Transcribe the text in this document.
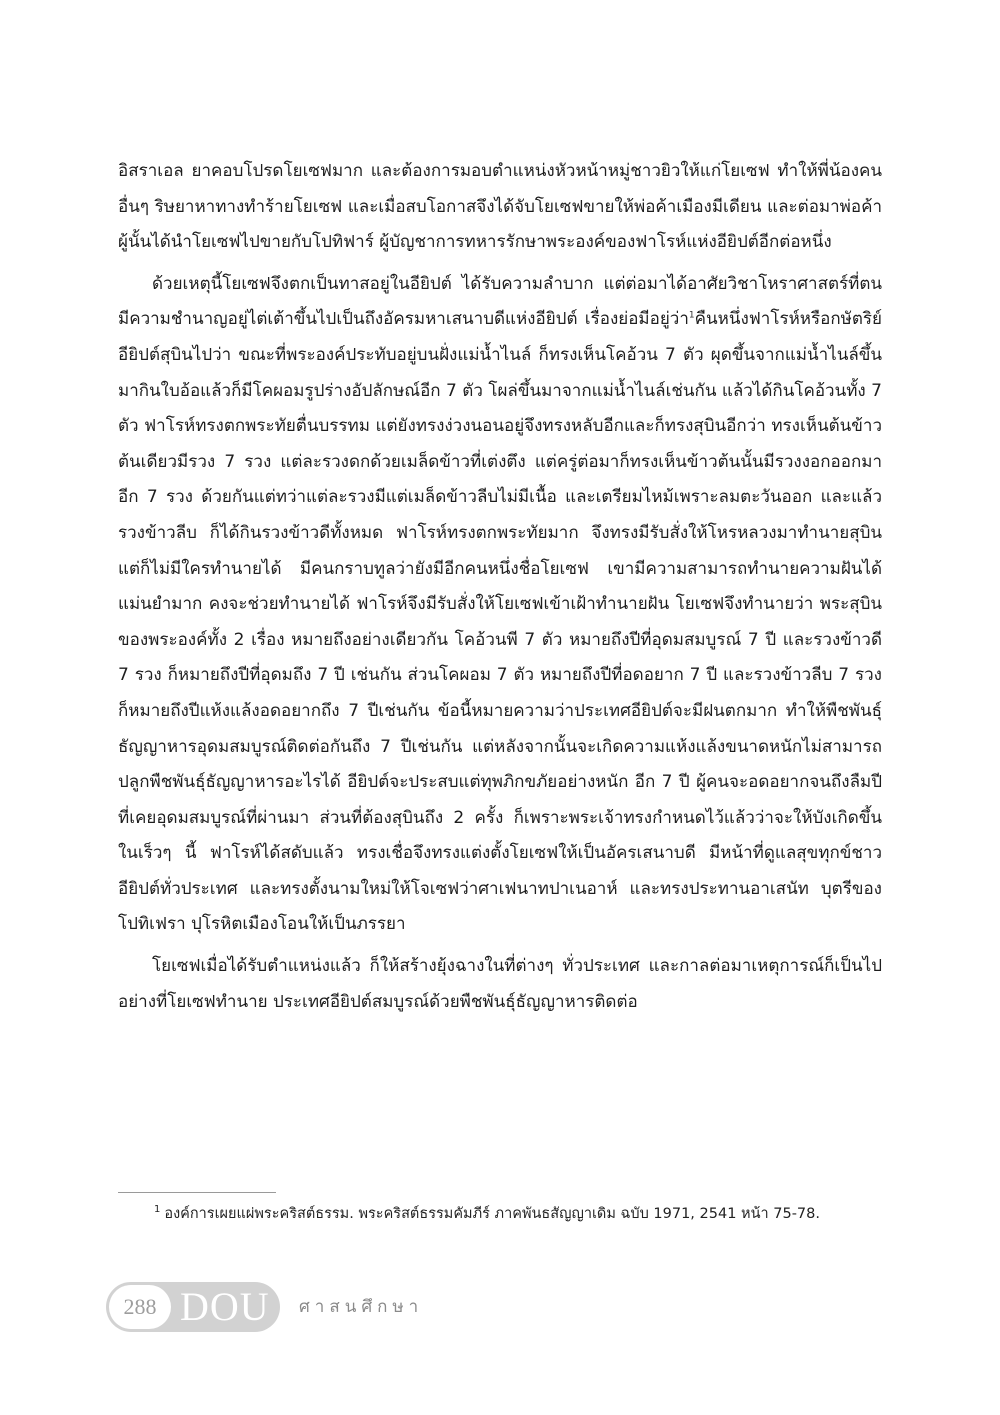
อิสราเอล ยาคอบโปรดโยเซฟมาก และต้องการมอบตำแหน่งหัวหน้าหมู่ชาวยิวให้แก่โยเซฟ ทำให้พี่น้องคนอื่นๆ ริษยาหาทางทำร้ายโยเซฟ และเมื่อสบโอกาสจึงได้จับโยเซฟขายให้พ่อค้าเมืองมีเดียน และต่อมาพ่อค้าผู้นั้นได้นำโยเซฟไปขายกับโปทิฟาร์ ผู้บัญชาการทหารรักษาพระองค์ของฟาโรห์แห่งอียิปต์อีกต่อหนึ่ง

ด้วยเหตุนี้โยเซฟจึงตกเป็นทาสอยู่ในอียิปต์ ได้รับความลำบาก แต่ต่อมาได้อาศัยวิชาโหราศาสตร์ที่ตนมีความชำนาญอยู่ไต่เต้าขึ้นไปเป็นถึงอัครมหาเสนาบดีแห่งอียิปต์ เรื่องย่อมีอยู่ว่า$^1$คืนหนึ่งฟาโรห์หรือกษัตริย์อียิปต์สุบินไปว่า ขณะที่พระองค์ประทับอยู่บนฝั่งแม่น้ำไนล์ ก็ทรงเห็นโคอ้วน 7 ตัว ผุดขึ้นจากแม่น้ำไนล์ขึ้นมากินใบอ้อแล้วก็มีโคผอมรูปร่างอัปลักษณ์อีก 7 ตัว โผล่ขึ้นมาจากแม่น้ำไนล์เช่นกัน แล้วได้กินโคอ้วนทั้ง 7 ตัว ฟาโรห์ทรงตกพระทัยตื่นบรรทม แต่ยังทรงง่วงนอนอยู่จึงทรงหลับอีกและก็ทรงสุบินอีกว่า ทรงเห็นต้นข้าวต้นเดียวมีรวง 7 รวง แต่ละรวงดกด้วยเมล็ดข้าวที่เต่งตึง แต่ครู่ต่อมาก็ทรงเห็นข้าวต้นนั้นมีรวงงอกออกมาอีก 7 รวง ด้วยกันแต่ทว่าแต่ละรวงมีแต่เมล็ดข้าวลีบไม่มีเนื้อ และเตรียมไหม้เพราะลมตะวันออก และแล้วรวงข้าวลีบ ก็ได้กินรวงข้าวดีทั้งหมด ฟาโรห์ทรงตกพระทัยมาก จึงทรงมีรับสั่งให้โหรหลวงมาทำนายสุบิน แต่ก็ไม่มีใครทำนายได้ มีคนกราบทูลว่ายังมีอีกคนหนึ่งชื่อโยเซฟ เขามีความสามารถทำนายความฝันได้แม่นยำมาก คงจะช่วยทำนายได้ ฟาโรห์จึงมีรับสั่งให้โยเซฟเข้าเฝ้าทำนายฝัน โยเซฟจึงทำนายว่า พระสุบินของพระองค์ทั้ง 2 เรื่อง หมายถึงอย่างเดียวกัน โคอ้วนพี 7 ตัว หมายถึงปีที่อุดมสมบูรณ์ 7 ปี และรวงข้าวดี 7 รวง ก็หมายถึงปีที่อุดมถึง 7 ปี เช่นกัน ส่วนโคผอม 7 ตัว หมายถึงปีที่อดอยาก 7 ปี และรวงข้าวลีบ 7 รวง ก็หมายถึงปีแห้งแล้งอดอยากถึง 7 ปีเช่นกัน ข้อนี้หมายความว่าประเทศอียิปต์จะมีฝนตกมาก ทำให้พืชพันธุ์ธัญญาหารอุดมสมบูรณ์ติดต่อกันถึง 7 ปีเช่นกัน แต่หลังจากนั้นจะเกิดความแห้งแล้งขนาดหนักไม่สามารถปลูกพืชพันธุ์ธัญญาหารอะไรได้ อียิปต์จะประสบแต่ทุพภิกขภัยอย่างหนัก อีก 7 ปี ผู้คนจะอดอยากจนถึงลืมปีที่เคยอุดมสมบูรณ์ที่ผ่านมา ส่วนที่ต้องสุบินถึง 2 ครั้ง ก็เพราะพระเจ้าทรงกำหนดไว้แล้วว่าจะให้บังเกิดขึ้นในเร็วๆ นี้ ฟาโรห์ได้สดับแล้ว ทรงเชื่อจึงทรงแต่งตั้งโยเซฟให้เป็นอัครเสนาบดี มีหน้าที่ดูแลสุขทุกข์ชาวอียิปต์ทั่วประเทศ และทรงตั้งนามใหม่ให้โจเซฟว่าศาเฟนาทปาเนอาห์ และทรงประทานอาเสนัท บุตรีของโปทิเฟรา ปุโรหิตเมืองโอนให้เป็นภรรยา

โยเซฟเมื่อได้รับตำแหน่งแล้ว ก็ให้สร้างยุ้งฉางในที่ต่างๆ ทั่วประเทศ และกาลต่อมาเหตุการณ์ก็เป็นไปอย่างที่โยเซฟทำนาย ประเทศอียิปต์สมบูรณ์ด้วยพืชพันธุ์ธัญญาหารติดต่อ

$^1$ องค์การเผยแผ่พระคริสต์ธรรม. พระคริสต์ธรรมคัมภีร์ ภาคพันธสัญญาเดิม ฉบับ 1971, 2541 หน้า 75-78.
288 DOU ศาสนศึกษา
